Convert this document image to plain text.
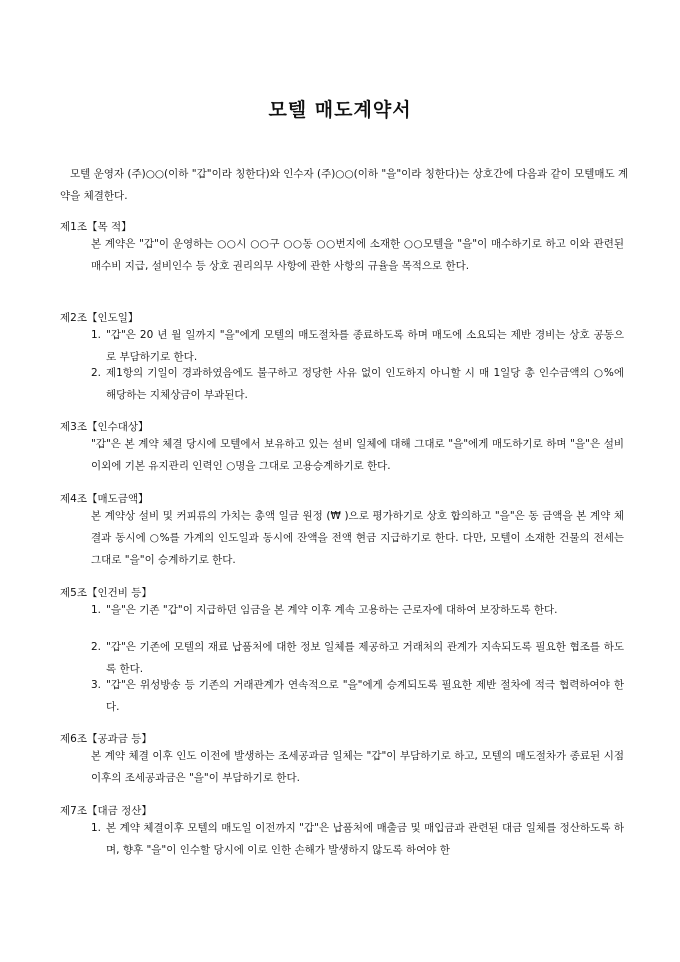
모텔 매도계약서
모텔 운영자 (주)○○(이하 "갑"이라 칭한다)와 인수자 (주)○○(이하 "을"이라 칭한다)는 상호간에 다음과 같이 모텔매도 계약을 체결한다.
제1조【목 적】
본 계약은 "갑"이 운영하는 ○○시 ○○구 ○○동 ○○번지에 소재한 ○○모텔을 "을"이 매수하기로 하고 이와 관련된 매수비 지급, 설비인수 등 상호 권리의무 사항에 관한 사항의 규율을 목적으로 한다.
제2조【인도일】
1. "갑"은 20 년 월 일까지 "을"에게 모텔의 매도절차를 종료하도록 하며 매도에 소요되는 제반 경비는 상호 공동으로 부담하기로 한다.
2. 제1항의 기일이 경과하였음에도 불구하고 정당한 사유 없이 인도하지 아니할 시 매 1일당 총 인수금액의 ○%에 해당하는 지체상금이 부과된다.
제3조【인수대상】
"갑"은 본 계약 체결 당시에 모텔에서 보유하고 있는 설비 일체에 대해 그대로 "을"에게 매도하기로 하며 "을"은 설비 이외에 기본 유지관리 인력인 ○명을 그대로 고용승계하기로 한다.
제4조【매도금액】
본 계약상 설비 및 커피류의 가치는 총액 일금 원정 (₩ )으로 평가하기로 상호 합의하고 "을"은 동 금액을 본 계약 체결과 동시에 ○%를 가계의 인도일과 동시에 잔액을 전액 현금 지급하기로 한다. 다만, 모텔이 소재한 건물의 전세는 그대로 "을"이 승계하기로 한다.
제5조【인건비 등】
1. "을"은 기존 "갑"이 지급하던 임금을 본 계약 이후 계속 고용하는 근로자에 대하여 보장하도록 한다.
2. "갑"은 기존에 모텔의 재료 납품처에 대한 정보 일체를 제공하고 거래처의 관계가 지속되도록 필요한 협조를 하도록 한다.
3. "갑"은 위성방송 등 기존의 거래관계가 연속적으로 "을"에게 승계되도록 필요한 제반 절차에 적극 협력하여야 한다.
제6조【공과금 등】
본 계약 체결 이후 인도 이전에 발생하는 조세공과금 일체는 "갑"이 부담하기로 하고, 모텔의 매도절차가 종료된 시점 이후의 조세공과금은 "을"이 부담하기로 한다.
제7조【대금 정산】
1. 본 계약 체결이후 모텔의 매도일 이전까지 "갑"은 납품처에 매출금 및 매입금과 관련된 대금 일체를 정산하도록 하며, 향후 "을"이 인수할 당시에 이로 인한 손해가 발생하지 않도록 하여야 한
